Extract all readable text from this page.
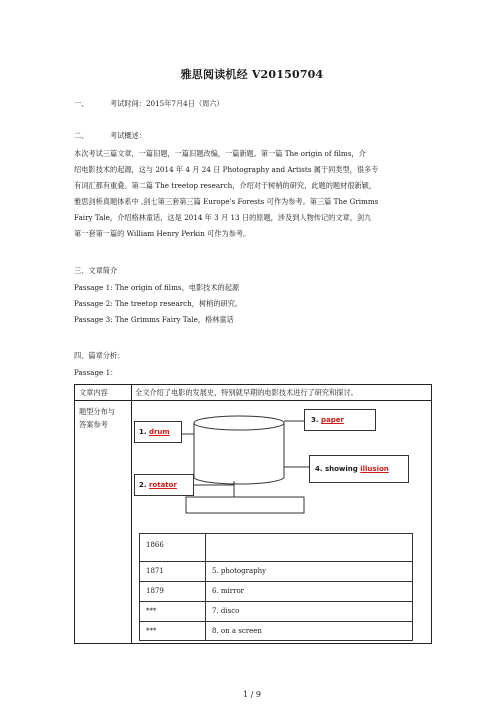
雅思阅读机经 V20150704
一、	考试时间：2015年7月4日（周六）
二、	考试概述：
本次考试三篇文章，一篇旧题，一篇旧题改编，一篇新题。第一篇 The origin of films，介
绍电影技术的起源，这与 2014 年 4 月 24 日 Photography and Artists 属于同类型，很多专
有词汇都有重叠。第二篇 The treetop research，介绍对于树梢的研究，此题的题材很新颖，
雅思剑桥真题体系中 ,剑七第三套第三篇 Europe's Forests 可作为参考。第三篇 The Grimms
Fairy Tale，介绍格林童话，这是 2014 年 3 月 13 日的原题，涉及到人物传记的文章，剑九
第一套第一篇的 William Henry Perkin 可作为参考。
三、文章简介
Passage 1: The origin of films，电影技术的起源
Passage 2: The treetop research，树梢的研究。
Passage 3: The Grimms Fairy Tale，格林童话
四、篇章分析：
Passage 1：
文章内容	全文介绍了电影的发展史，特别就早期的电影技术进行了研究和探讨。
题型分布与
答案参考
1. drum
3. paper
2. rotator
4. showing illusion
1866
1871	5. photography
1879	6. mirror
***	7. disco
***	8. on a screen
1 / 9
